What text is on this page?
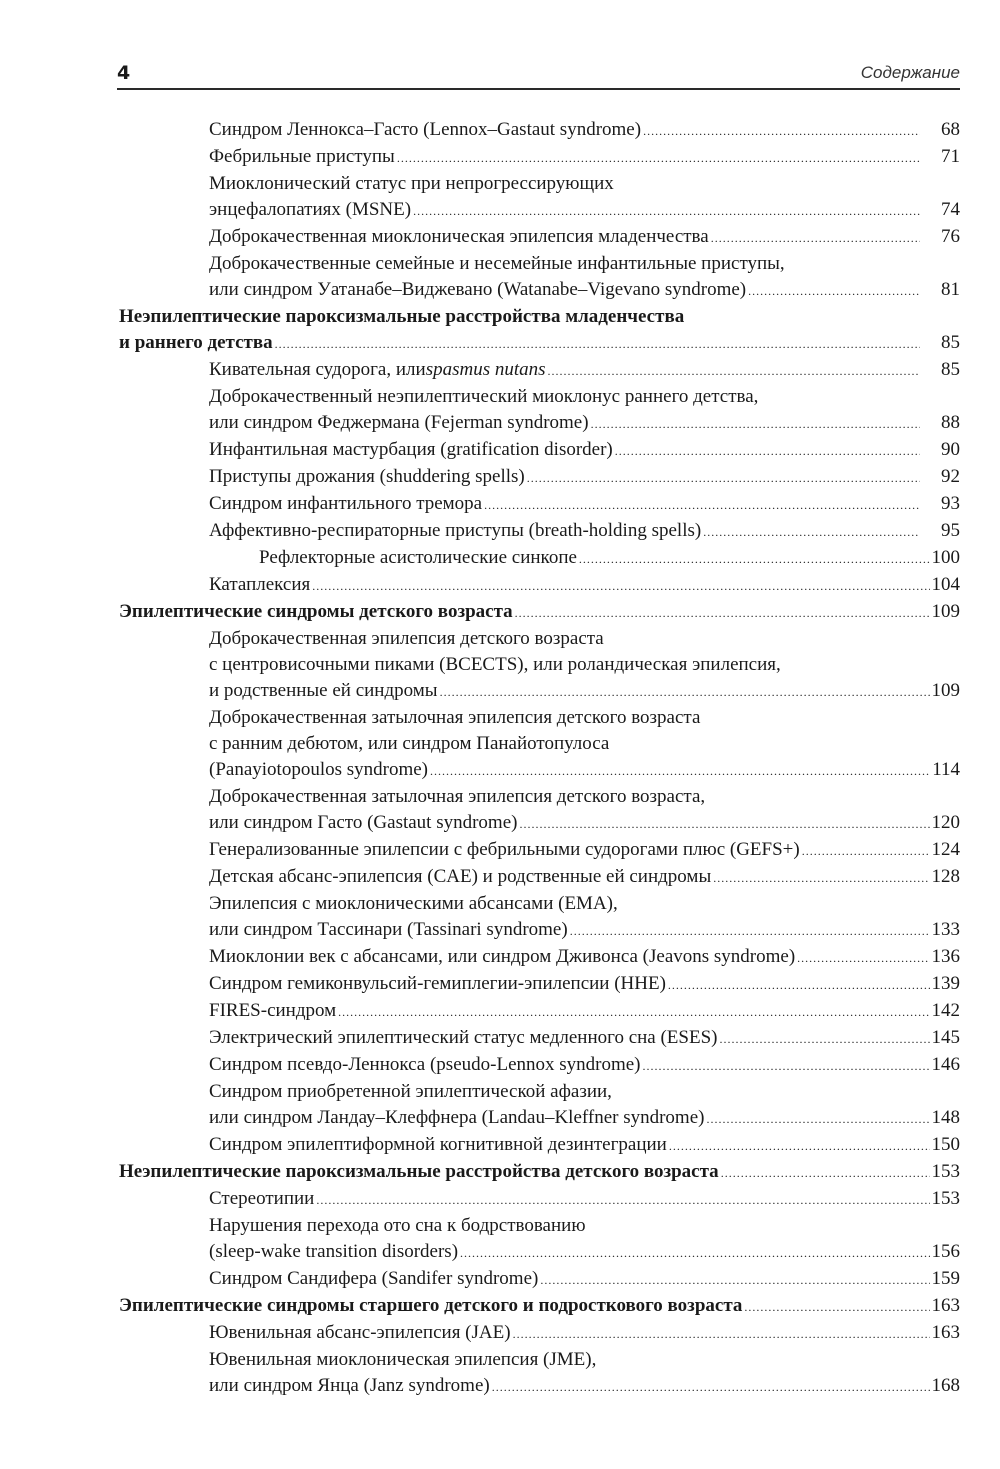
4	Содержание
Синдром Леннокса–Гасто (Lennox–Gastaut syndrome) .....	68
Фебрильные приступы .....	71
Миоклонический статус при непрогрессирующих
энцефалопатиях (MSNE) .....	74
Доброкачественная миоклоническая эпилепсия младенчества .....	76
Доброкачественные семейные и несемейные инфантильные приступы,
или синдром Уатанабе–Виджевано (Watanabe–Vigevano syndrome) .....	81
Неэпилептические пароксизмальные расстройства младенчества
и раннего детства .....	85
Кивательная судорога, или spasmus nutans .....	85
Доброкачественный неэпилептический миоклонус раннего детства,
или синдром Феджермана (Fejerman syndrome) .....	88
Инфантильная мастурбация (gratification disorder) .....	90
Приступы дрожания (shuddering spells) .....	92
Синдром инфантильного тремора .....	93
Аффективно-респираторные приступы (breath-holding spells) .....	95
Рефлекторные асистолические синкопе .....	100
Катаплексия .....	104
Эпилептические синдромы детского возраста .....	109
Доброкачественная эпилепсия детского возраста
с центровисочными пиками (BCECTS), или роландическая эпилепсия,
и родственные ей синдромы .....	109
Доброкачественная затылочная эпилепсия детского возраста
с ранним дебютом, или синдром Панайотопулоса
(Panayiotopoulos syndrome) .....	114
Доброкачественная затылочная эпилепсия детского возраста,
или синдром Гасто (Gastaut syndrome) .....	120
Генерализованные эпилепсии с фебрильными судорогами плюс (GEFS+) .....	124
Детская абсанс-эпилепсия (CAE) и родственные ей синдромы .....	128
Эпилепсия с миоклоническими абсансами (EMA),
или синдром Тассинари (Tassinari syndrome) .....	133
Миоклонии век с абсансами, или синдром Дживонса (Jeavons syndrome) .....	136
Синдром гемиконвульсий-гемиплегии-эпилепсии (HHE) .....	139
FIRES-синдром .....	142
Электрический эпилептический статус медленного сна (ESES) .....	145
Синдром псевдо-Леннокса (pseudo-Lennox syndrome) .....	146
Синдром приобретенной эпилептической афазии,
или синдром Ландау–Клеффнера (Landau–Kleffner syndrome) .....	148
Синдром эпилептиформной когнитивной дезинтеграции .....	150
Неэпилептические пароксизмальные расстройства детского возраста .....	153
Стереотипии .....	153
Нарушения перехода ото сна к бодрствованию
(sleep-wake transition disorders) .....	156
Синдром Сандифера (Sandifer syndrome) .....	159
Эпилептические синдромы старшего детского и подросткового возраста .....	163
Ювенильная абсанс-эпилепсия (JAE) .....	163
Ювенильная миоклоническая эпилепсия (JME),
или синдром Янца (Janz syndrome) .....	168
